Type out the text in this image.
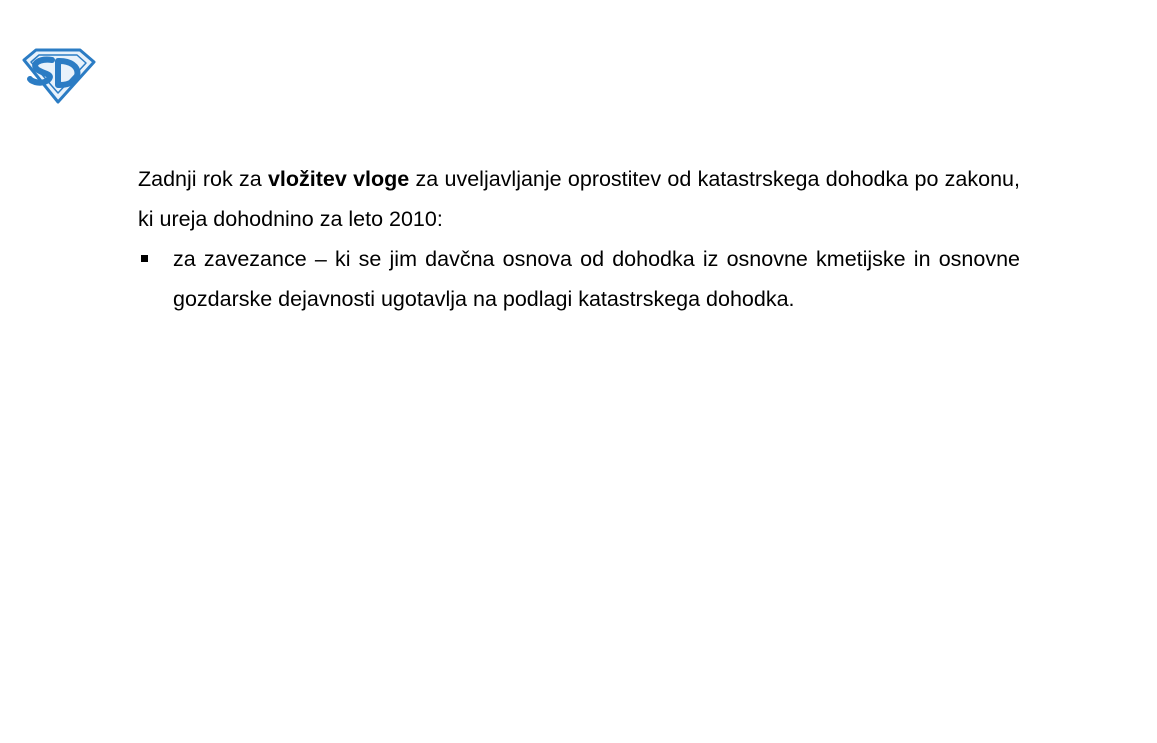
Zadnji rok za vložitev vloge za uveljavljanje oprostitev od katastrskega dohodka po zakonu, ki ureja dohodnino za leto 2010:

za zavezance – ki se jim davčna osnova od dohodka iz osnovne kmetijske in osnovne gozdarske dejavnosti ugotavlja na podlagi katastrskega dohodka.
